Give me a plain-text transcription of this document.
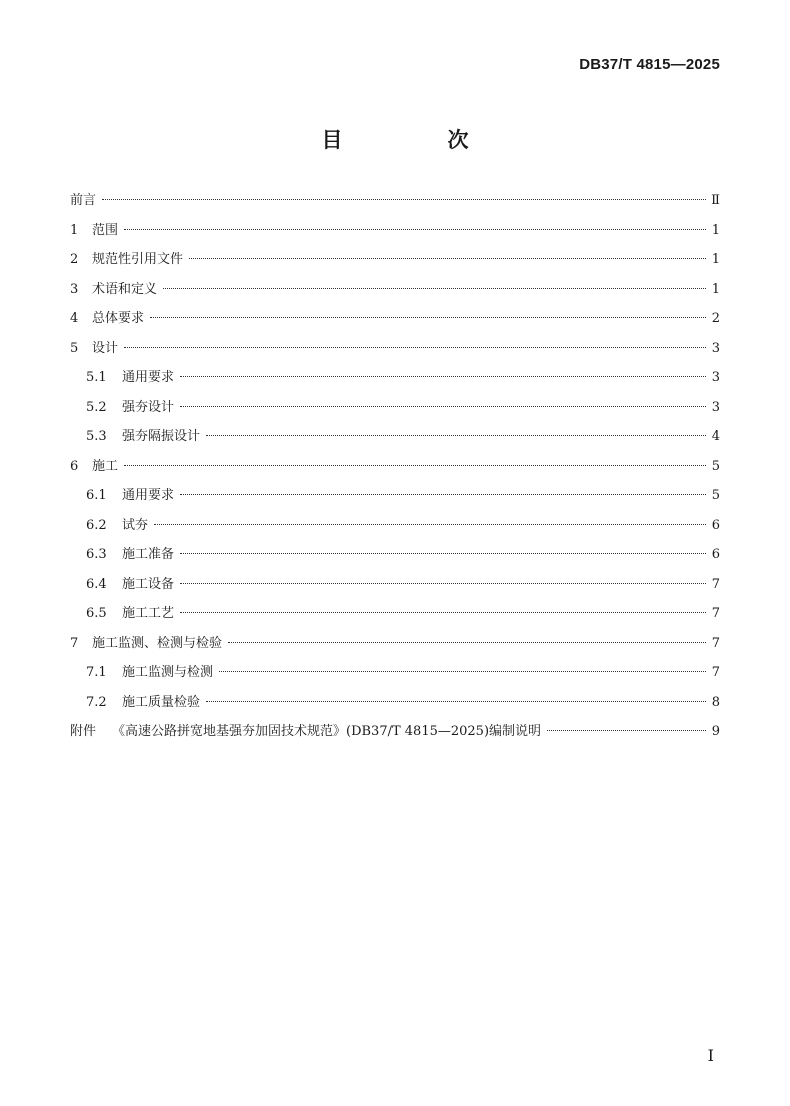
DB37/T 4815—2025
目　次
前言	Ⅱ
1	范围	1
2	规范性引用文件	1
3	术语和定义	1
4	总体要求	2
5	设计	3
5.1	通用要求	3
5.2	强夯设计	3
5.3	强夯隔振设计	4
6	施工	5
6.1	通用要求	5
6.2	试夯	6
6.3	施工准备	6
6.4	施工设备	7
6.5	施工工艺	7
7	施工监测、检测与检验	7
7.1	施工监测与检测	7
7.2	施工质量检验	8
附件	《高速公路拼宽地基强夯加固技术规范》(DB37/T 4815—2025)编制说明	9
I
